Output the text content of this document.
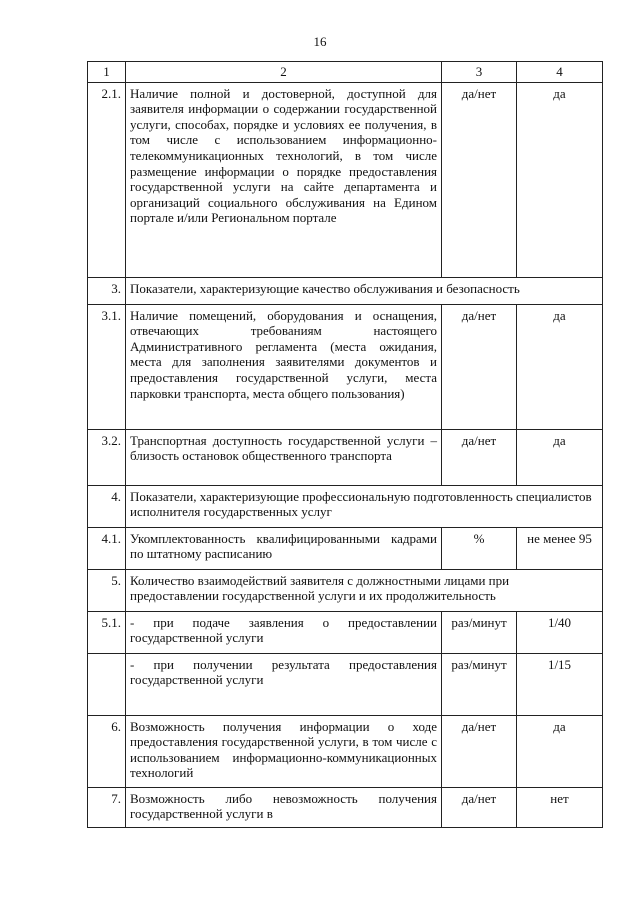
16
1	2	3	4
2.1.	Наличие полной и достоверной, доступной для заявителя информации о содержании государственной услуги, способах, порядке и условиях ее получения, в том числе с использованием информационно-телекоммуникационных технологий, в том числе размещение информации о порядке предоставления государственной услуги на сайте департамента и организаций социального обслуживания на Едином портале и/или Региональном портале	да/нет	да
3.	Показатели, характеризующие качество обслуживания и безопасность		
3.1.	Наличие помещений, оборудования и оснащения, отвечающих требованиям настоящего Административного регламента (места ожидания, места для заполнения заявителями документов и предоставления государственной услуги, места парковки транспорта, места общего пользования)	да/нет	да
3.2.	Транспортная доступность государственной услуги – близость остановок общественного транспорта	да/нет	да
4.	Показатели, характеризующие профессиональную подготовленность специалистов исполнителя государственных услуг		
4.1.	Укомплектованность квалифицированными кадрами по штатному расписанию	%	не менее 95
5.	Количество взаимодействий заявителя с должностными лицами при предоставлении государственной услуги и их продолжительность		
5.1.	- при подаче заявления о предоставлении государственной услуги	раз/минут	1/40
	- при получении результата предоставления государственной услуги	раз/минут	1/15
6.	Возможность получения информации о ходе предоставления государственной услуги, в том числе с использованием информационно-коммуникационных технологий	да/нет	да
7.	Возможность либо невозможность получения государственной услуги в	да/нет	нет
